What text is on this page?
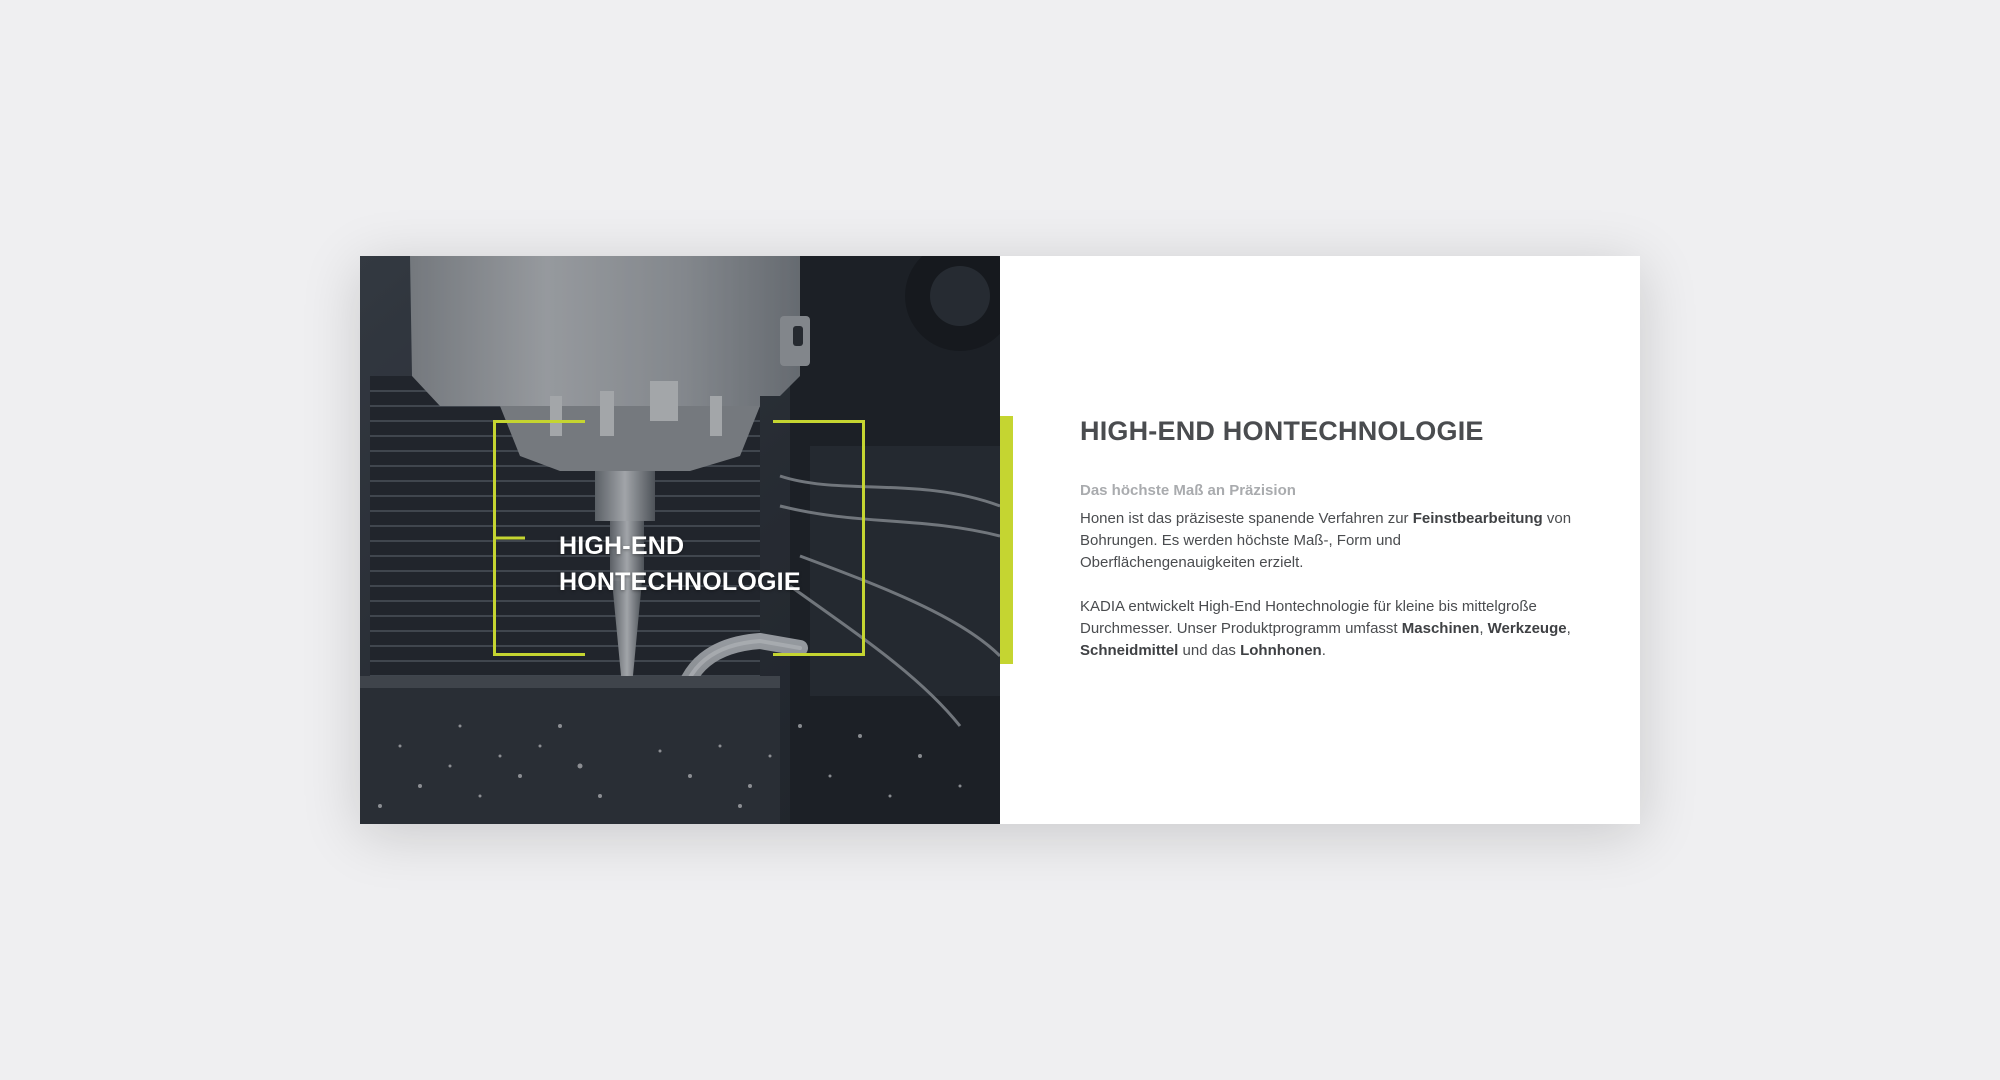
HIGH-END
HONTECHNOLOGIE
HIGH-END HONTECHNOLOGIE
Das höchste Maß an Präzision

Honen ist das präziseste spanende Verfahren zur Feinstbearbeitung von Bohrungen. Es werden höchste Maß-, Form und Oberflächengenauigkeiten erzielt.

KADIA entwickelt High-End Hontechnologie für kleine bis mittelgroße Durchmesser. Unser Produktprogramm umfasst Maschinen, Werkzeuge, Schneidmittel und das Lohnhonen.
